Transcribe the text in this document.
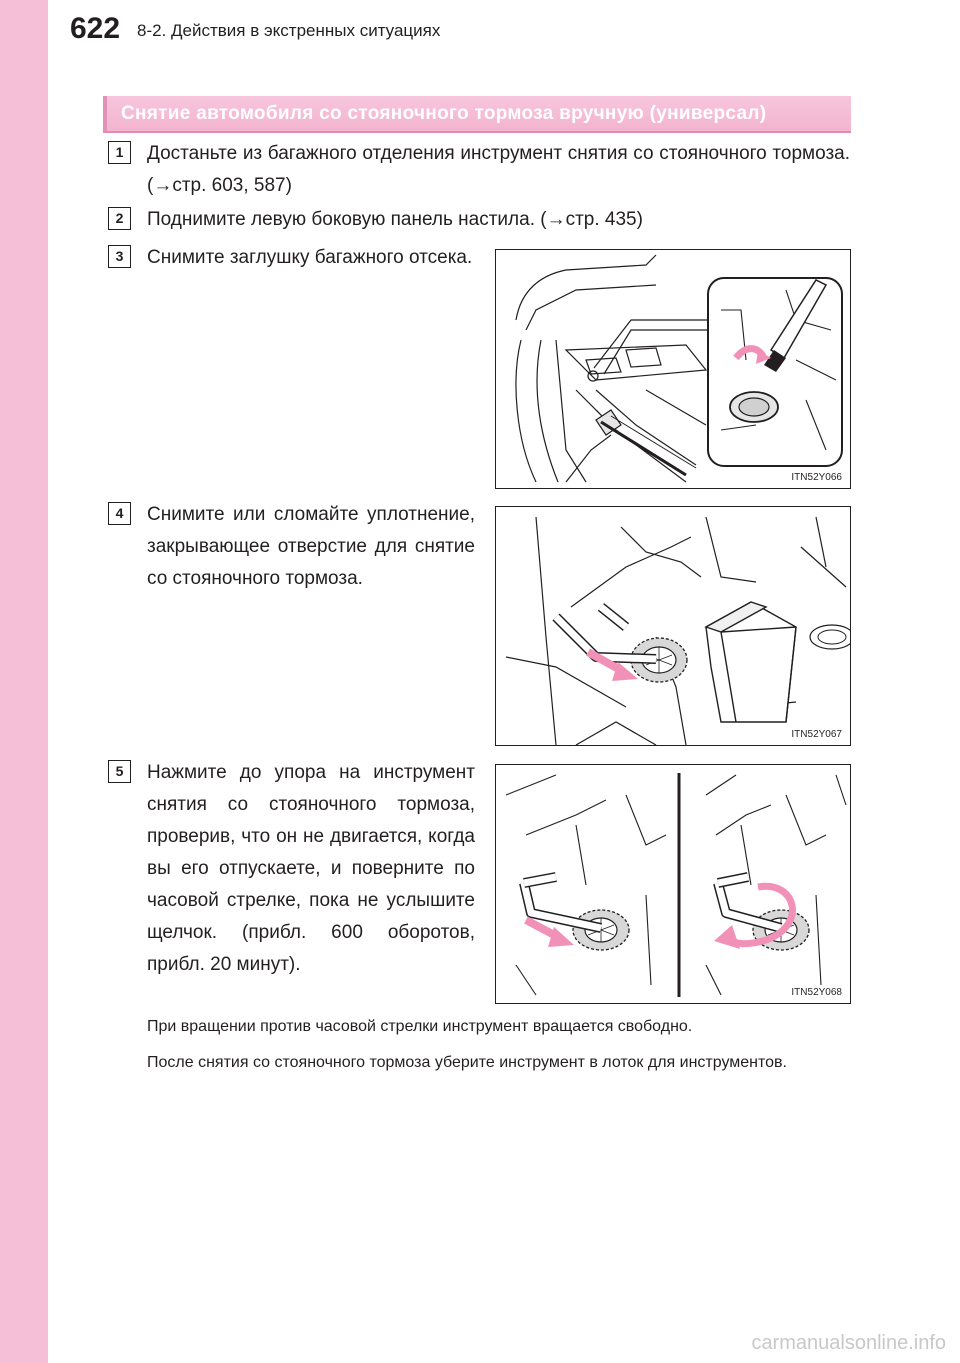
622 8-2. Действия в экстренных ситуациях
Снятие автомобиля со стояночного тормоза вручную (универсал)
1	Достаньте из багажного отделения инструмент снятия со стояночного тормоза. (→стр. 603, 587)
2	Поднимите левую боковую панель настила. (→стр. 435)
3	Снимите заглушку багажного отсека.
ITN52Y066
4	Снимите или сломайте уплотнение, закрывающее отверстие для снятие со стояночного тормоза.
ITN52Y067
5	Нажмите до упора на инструмент снятия со стояночного тормоза, проверив, что он не двигается, когда вы его отпускаете, и поверните по часовой стрелке, пока не услышите щелчок. (прибл. 600 оборотов, прибл. 20 минут).
ITN52Y068
При вращении против часовой стрелки инструмент вращается свободно.
После снятия со стояночного тормоза уберите инструмент в лоток для инструментов.
carmanualsonline.info
